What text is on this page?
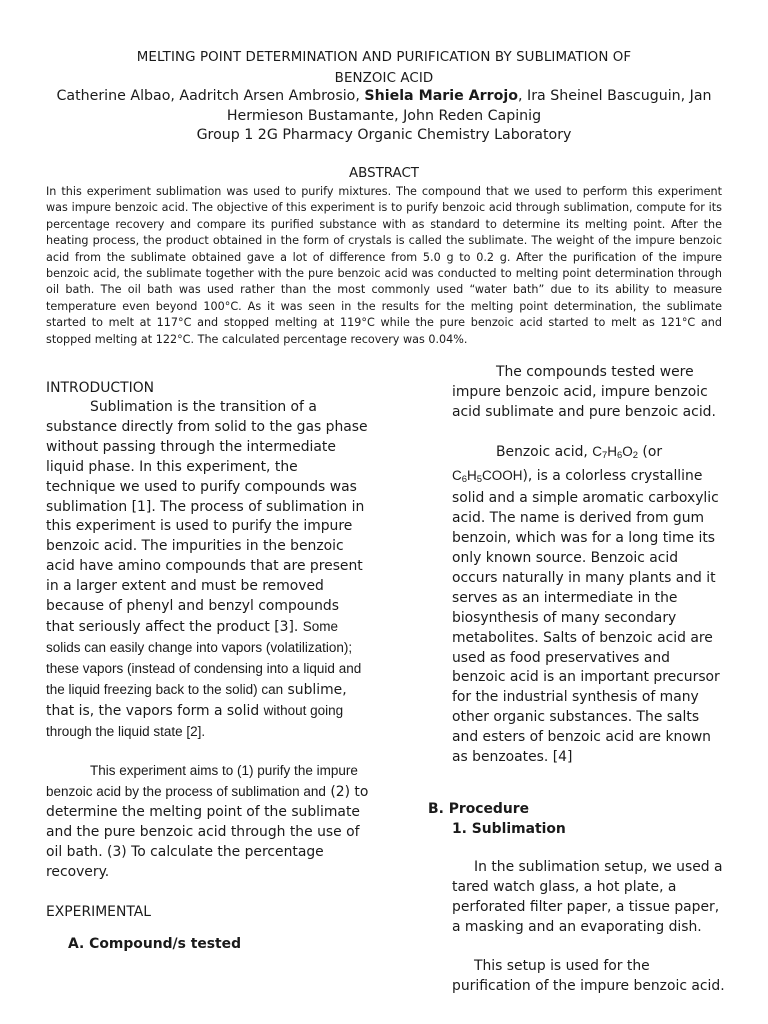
MELTING POINT DETERMINATION AND PURIFICATION BY SUBLIMATION OF
BENZOIC ACID
Catherine Albao, Aadritch Arsen Ambrosio, Shiela Marie Arrojo, Ira Sheinel Bascuguin, Jan
Hermieson Bustamante, John Reden Capinig
Group 1 2G Pharmacy Organic Chemistry Laboratory
ABSTRACT
In this experiment sublimation was used to purify mixtures. The compound that we used to perform this experiment was impure benzoic acid. The objective of this experiment is to purify benzoic acid through sublimation, compute for its percentage recovery and compare its purified substance with as standard to determine its melting point. After the heating process, the product obtained in the form of crystals is called the sublimate. The weight of the impure benzoic acid from the sublimate obtained gave a lot of difference from 5.0 g to 0.2 g. After the purification of the impure benzoic acid, the sublimate together with the pure benzoic acid was conducted to melting point determination through oil bath. The oil bath was used rather than the most commonly used “water bath” due to its ability to measure temperature even beyond 100°C. As it was seen in the results for the melting point determination, the sublimate started to melt at 117°C and stopped melting at 119°C while the pure benzoic acid started to melt as 121°C and stopped melting at 122°C. The calculated percentage recovery was 0.04%.
INTRODUCTION

Sublimation is the transition of a substance directly from solid to the gas phase without passing through the intermediate liquid phase. In this experiment, the technique we used to purify compounds was sublimation [1]. The process of sublimation in this experiment is used to purify the impure benzoic acid. The impurities in the benzoic acid have amino compounds that are present in a larger extent and must be removed because of phenyl and benzyl compounds that seriously affect the product [3]. Some solids can easily change into vapors (volatilization); these vapors (instead of condensing into a liquid and the liquid freezing back to the solid) can sublime, that is, the vapors form a solid without going through the liquid state [2].

This experiment aims to (1) purify the impure benzoic acid by the process of sublimation and (2) to determine the melting point of the sublimate and the pure benzoic acid through the use of oil bath. (3) To calculate the percentage recovery.

EXPERIMENTAL
A. Compound/s tested

The compounds tested were impure benzoic acid, impure benzoic acid sublimate and pure benzoic acid.

Benzoic acid, $C_7H_6O_2$ (or
$C_6H_5COOH$), is a colorless crystalline solid and a simple aromatic carboxylic acid. The name is derived from gum benzoin, which was for a long time its only known source. Benzoic acid occurs naturally in many plants and it serves as an intermediate in the biosynthesis of many secondary metabolites. Salts of benzoic acid are used as food preservatives and benzoic acid is an important precursor for the industrial synthesis of many other organic substances. The salts and esters of benzoic acid are known as benzoates. [4]

B. Procedure
1. Sublimation

In the sublimation setup, we used a tared watch glass, a hot plate, a perforated filter paper, a tissue paper, a masking and an evaporating dish.

This setup is used for the purification of the impure benzoic acid.
